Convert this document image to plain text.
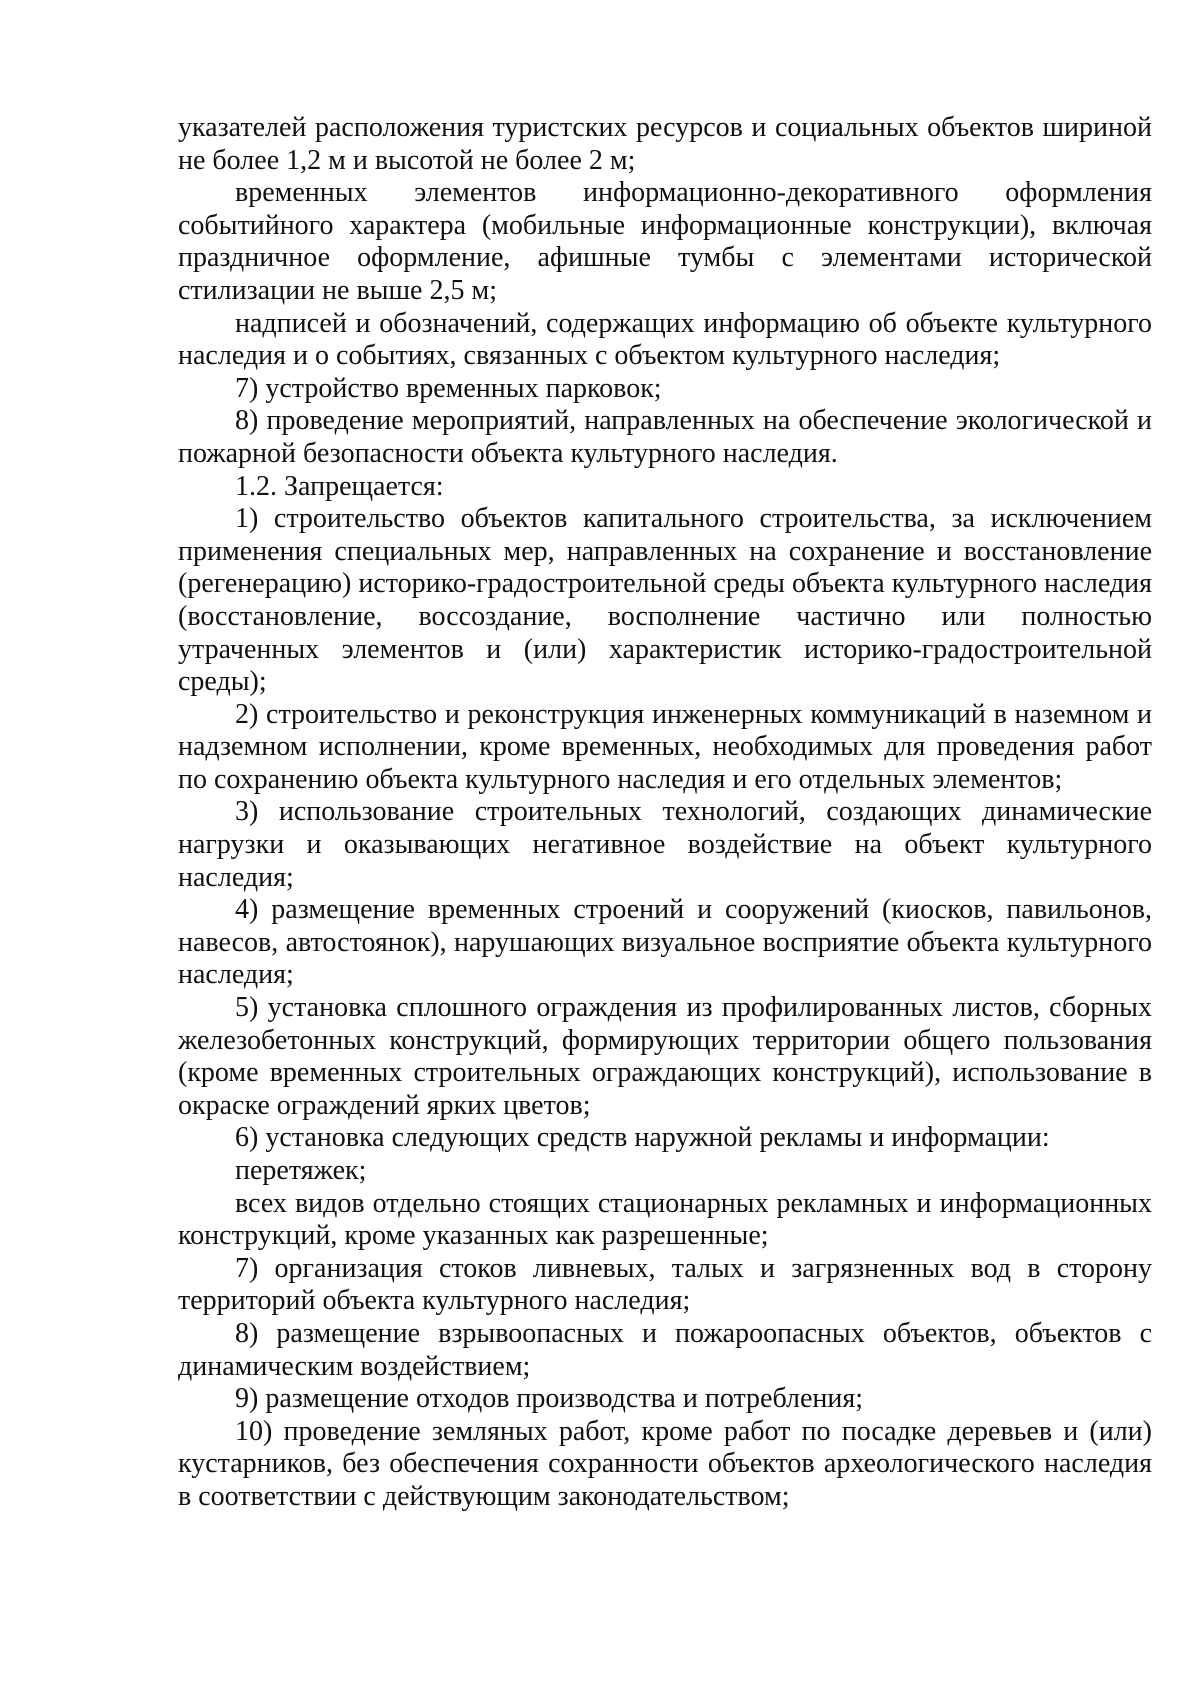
указателей расположения туристских ресурсов и социальных объектов шириной не более 1,2 м и высотой не более 2 м;

временных элементов информационно-декоративного оформления событийного характера (мобильные информационные конструкции), включая праздничное оформление, афишные тумбы с элементами исторической стилизации не выше 2,5 м;

надписей и обозначений, содержащих информацию об объекте культурного наследия и о событиях, связанных с объектом культурного наследия;

7) устройство временных парковок;

8) проведение мероприятий, направленных на обеспечение экологической и пожарной безопасности объекта культурного наследия.

1.2. Запрещается:

1) строительство объектов капитального строительства, за исключением применения специальных мер, направленных на сохранение и восстановление (регенерацию) историко-градостроительной среды объекта культурного наследия (восстановление, воссоздание, восполнение частично или полностью утраченных элементов и (или) характеристик историко-градостроительной среды);

2) строительство и реконструкция инженерных коммуникаций в наземном и надземном исполнении, кроме временных, необходимых для проведения работ по сохранению объекта культурного наследия и его отдельных элементов;

3) использование строительных технологий, создающих динамические нагрузки и оказывающих негативное воздействие на объект культурного наследия;

4) размещение временных строений и сооружений (киосков, павильонов, навесов, автостоянок), нарушающих визуальное восприятие объекта культурного наследия;

5) установка сплошного ограждения из профилированных листов, сборных железобетонных конструкций, формирующих территории общего пользования (кроме временных строительных ограждающих конструкций), использование в окраске ограждений ярких цветов;

6) установка следующих средств наружной рекламы и информации:

перетяжек;

всех видов отдельно стоящих стационарных рекламных и информационных конструкций, кроме указанных как разрешенные;

7) организация стоков ливневых, талых и загрязненных вод в сторону территорий объекта культурного наследия;

8) размещение взрывоопасных и пожароопасных объектов, объектов с динамическим воздействием;

9) размещение отходов производства и потребления;

10) проведение земляных работ, кроме работ по посадке деревьев и (или) кустарников, без обеспечения сохранности объектов археологического наследия в соответствии с действующим законодательством;
